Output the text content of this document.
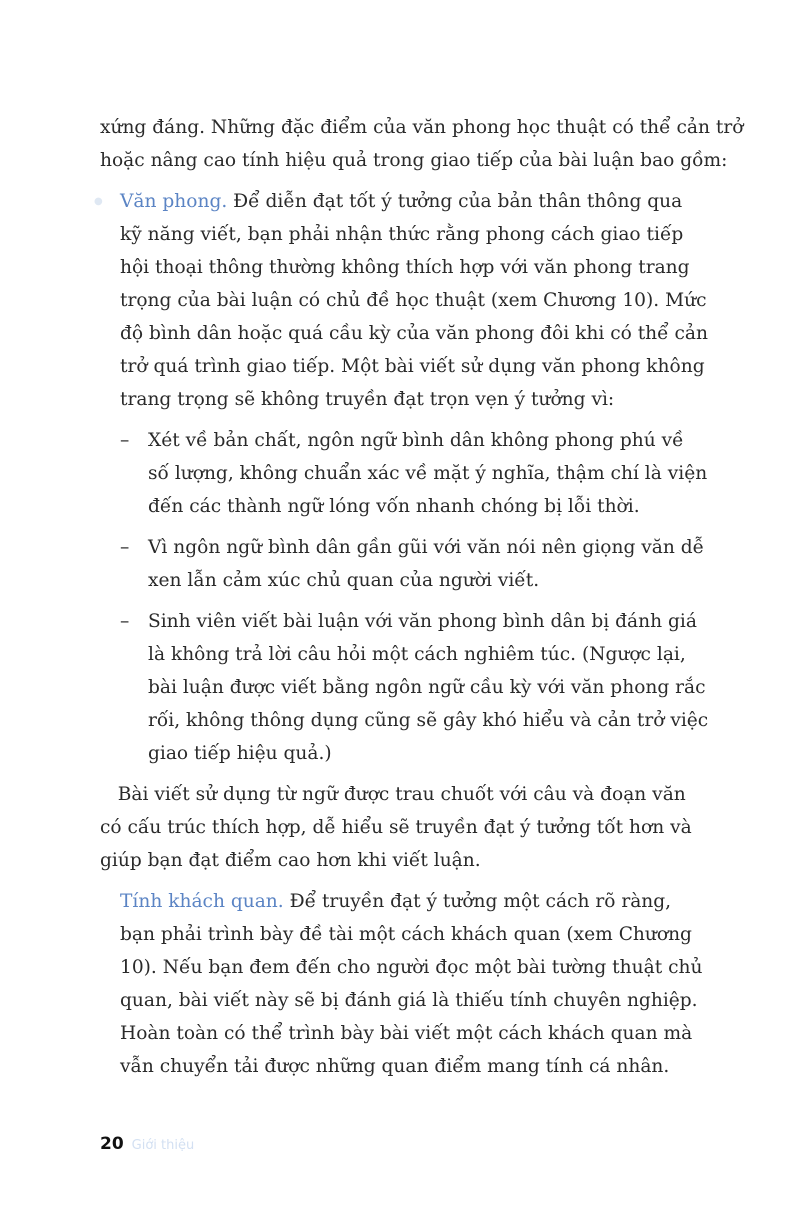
xứng đáng. Những đặc điểm của văn phong học thuật có thể cản trở
hoặc nâng cao tính hiệu quả trong giao tiếp của bài luận bao gồm:
● Văn phong. Để diễn đạt tốt ý tưởng của bản thân thông qua
kỹ năng viết, bạn phải nhận thức rằng phong cách giao tiếp
hội thoại thông thường không thích hợp với văn phong trang
trọng của bài luận có chủ đề học thuật (xem Chương 10). Mức
độ bình dân hoặc quá cầu kỳ của văn phong đôi khi có thể cản
trở quá trình giao tiếp. Một bài viết sử dụng văn phong không
trang trọng sẽ không truyền đạt trọn vẹn ý tưởng vì:
– Xét về bản chất, ngôn ngữ bình dân không phong phú về
số lượng, không chuẩn xác về mặt ý nghĩa, thậm chí là viện
đến các thành ngữ lóng vốn nhanh chóng bị lỗi thời.
– Vì ngôn ngữ bình dân gần gũi với văn nói nên giọng văn dễ
xen lẫn cảm xúc chủ quan của người viết.
– Sinh viên viết bài luận với văn phong bình dân bị đánh giá
là không trả lời câu hỏi một cách nghiêm túc. (Ngược lại,
bài luận được viết bằng ngôn ngữ cầu kỳ với văn phong rắc
rối, không thông dụng cũng sẽ gây khó hiểu và cản trở việc
giao tiếp hiệu quả.)
Bài viết sử dụng từ ngữ được trau chuốt với câu và đoạn văn
có cấu trúc thích hợp, dễ hiểu sẽ truyền đạt ý tưởng tốt hơn và
giúp bạn đạt điểm cao hơn khi viết luận.
Tính khách quan. Để truyền đạt ý tưởng một cách rõ ràng,
bạn phải trình bày đề tài một cách khách quan (xem Chương
10). Nếu bạn đem đến cho người đọc một bài tường thuật chủ
quan, bài viết này sẽ bị đánh giá là thiếu tính chuyên nghiệp.
Hoàn toàn có thể trình bày bài viết một cách khách quan mà
vẫn chuyển tải được những quan điểm mang tính cá nhân.
20 Giới thiệu
